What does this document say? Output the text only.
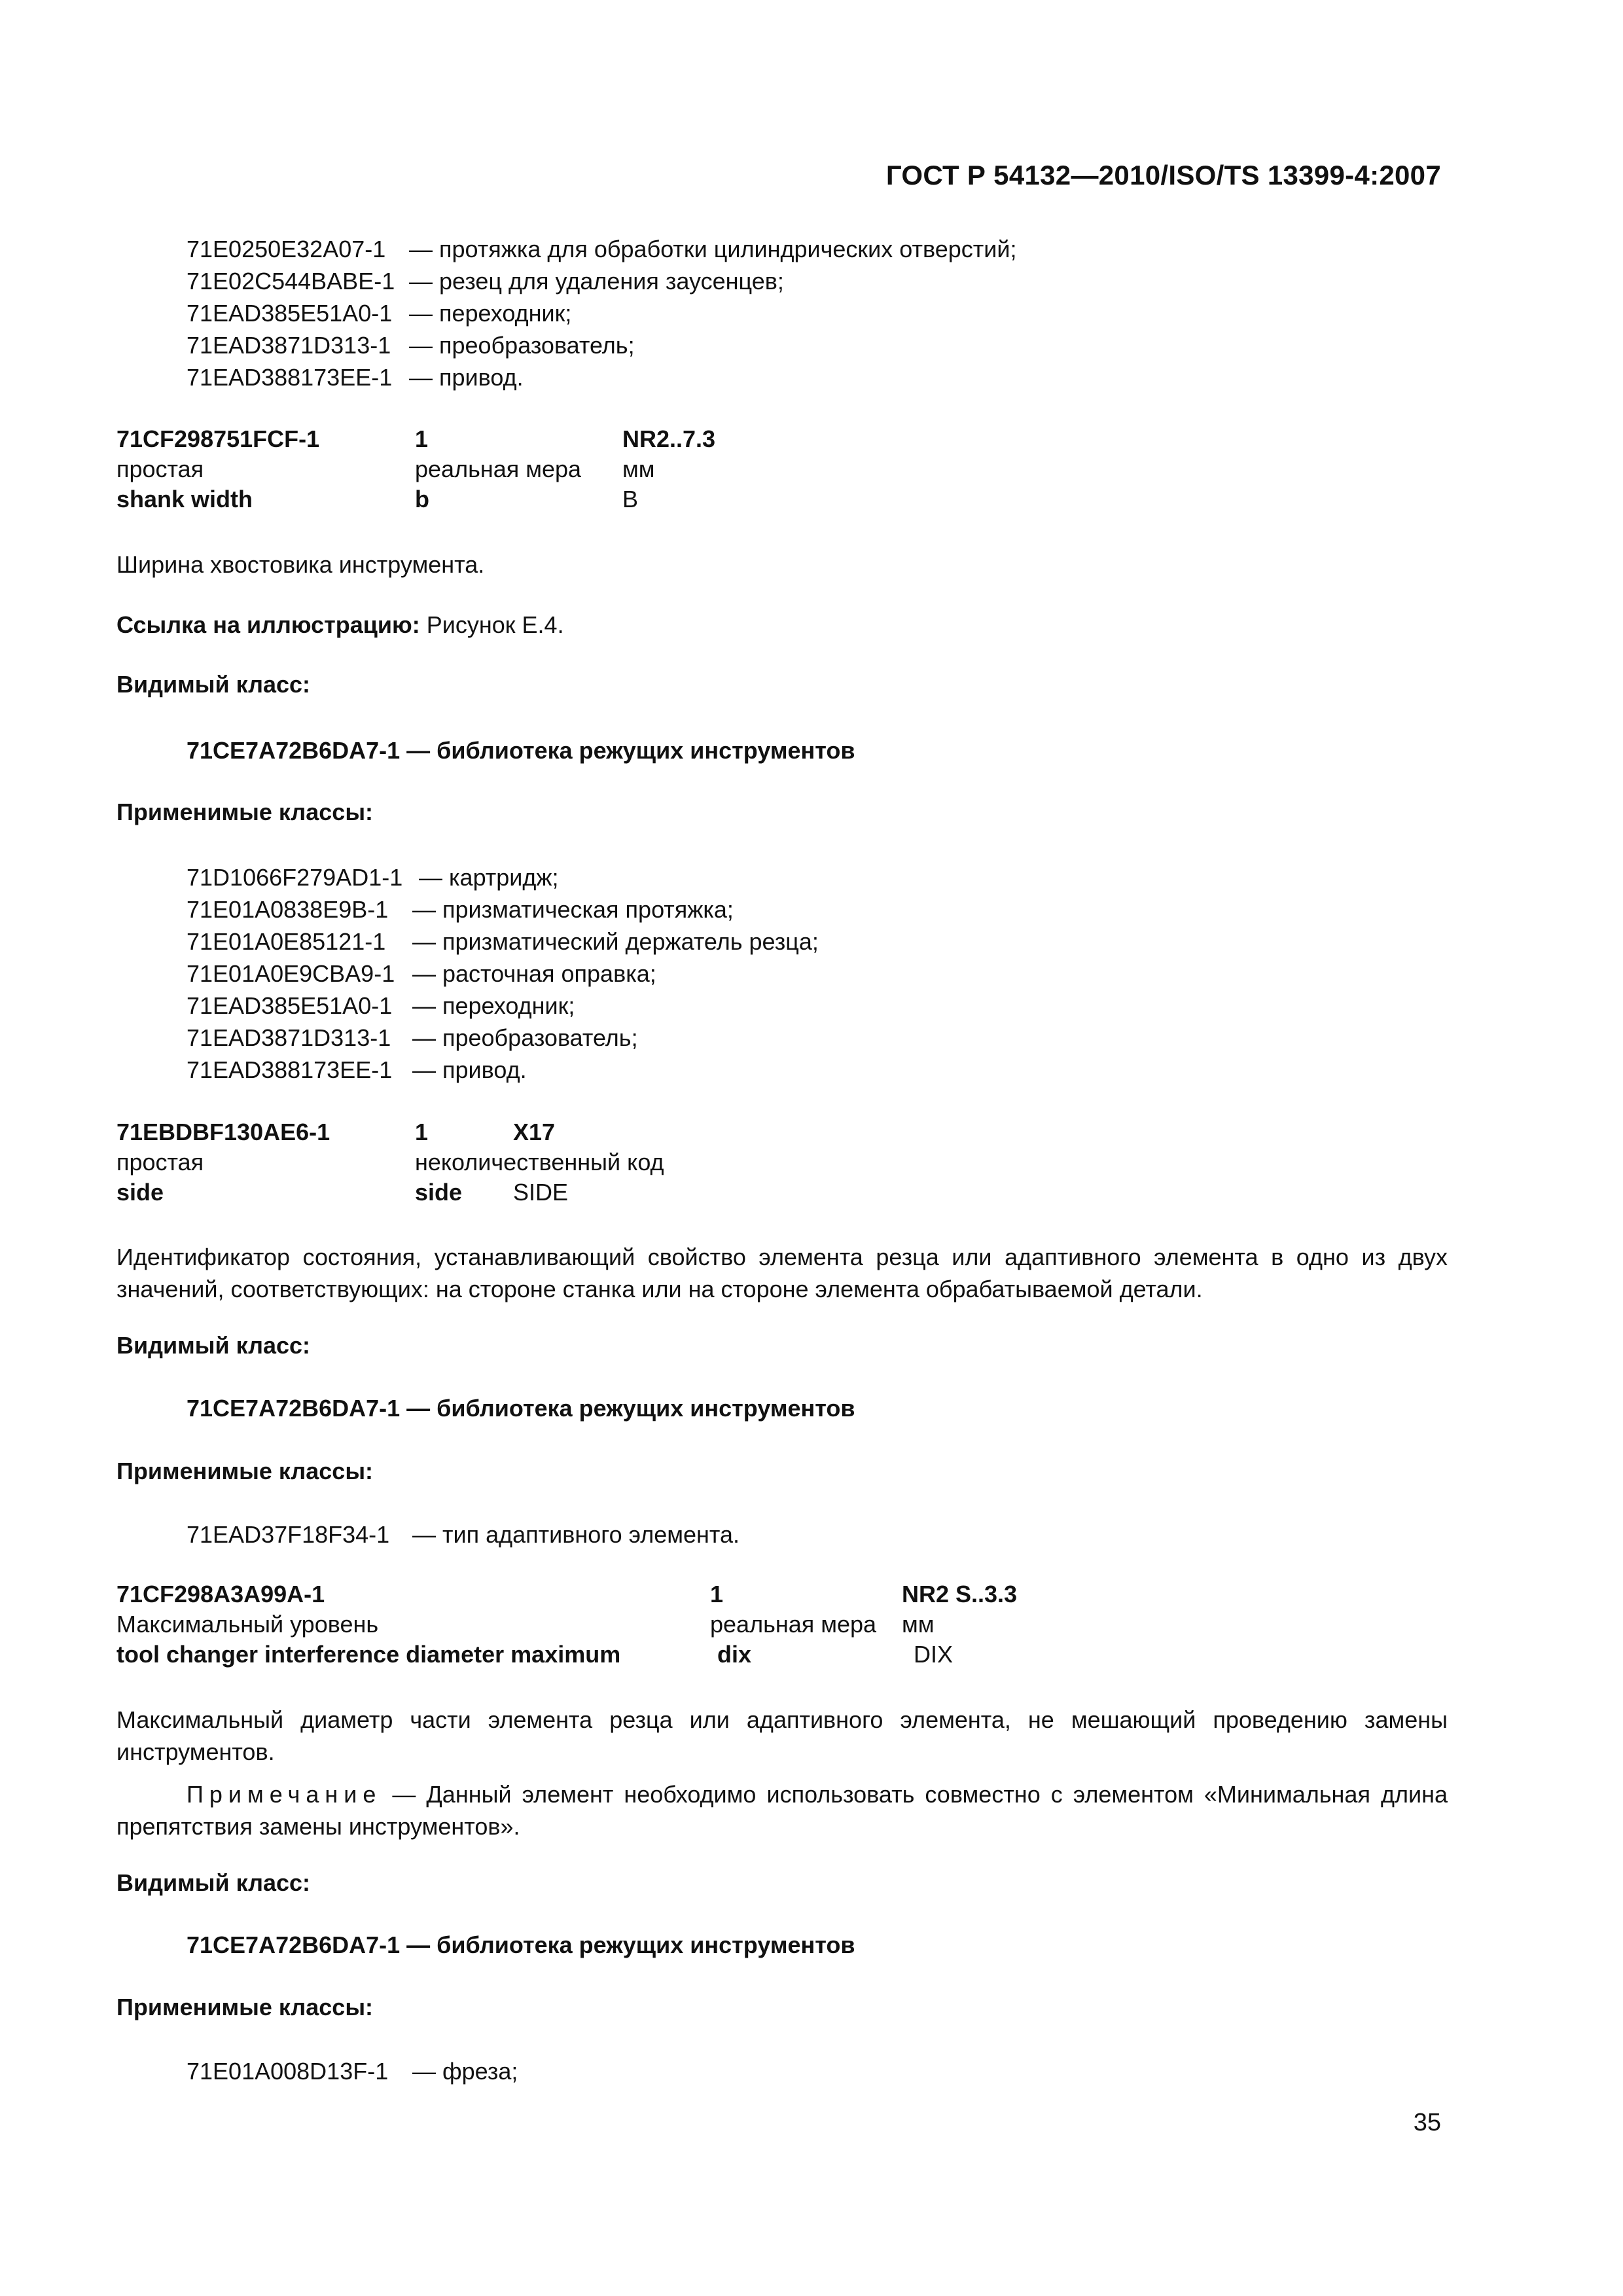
ГОСТ Р 54132—2010/ISO/TS 13399-4:2007
71E0250E32A07-1 — протяжка для обработки цилиндрических отверстий;
71E02C544BABE-1 — резец для удаления заусенцев;
71EAD385E51A0-1 — переходник;
71EAD3871D313-1 — преобразователь;
71EAD388173EE-1 — привод.
71CF298751FCF-1	1	NR2..7.3
простая	реальная мера мм
shank width	b	B
Ширина хвостовика инструмента.
Ссылка на иллюстрацию: Рисунок Е.4.
Видимый класс:
71CE7A72B6DA7-1 — библиотека режущих инструментов
Применимые классы:
71D1066F279AD1-1 — картридж;
71E01A0838E9B-1 — призматическая протяжка;
71E01A0E85121-1 — призматический держатель резца;
71E01A0E9CBA9-1 — расточная оправка;
71EAD385E51A0-1 — переходник;
71EAD3871D313-1 — преобразователь;
71EAD388173EE-1 — привод.
71EBDBF130AE6-1	1	X17
простая	неколичественный код
side	side SIDE
Идентификатор состояния, устанавливающий свойство элемента резца или адаптивного элемента в одно из двух значений, соответствующих: на стороне станка или на стороне элемента обрабатываемой детали.
Видимый класс:
71CE7A72B6DA7-1 — библиотека режущих инструментов
Применимые классы:
71EAD37F18F34-1 — тип адаптивного элемента.
71CF298A3A99A-1	1	NR2 S..3.3
Максимальный уровень	реальная мера мм
tool changer interference diameter maximum	dix	DIX
Максимальный диаметр части элемента резца или адаптивного элемента, не мешающий проведению замены инструментов.
Примечание — Данный элемент необходимо использовать совместно с элементом «Минимальная длина препятствия замены инструментов».
Видимый класс:
71CE7A72B6DA7-1 — библиотека режущих инструментов
Применимые классы:
71E01A008D13F-1 — фреза;
35
